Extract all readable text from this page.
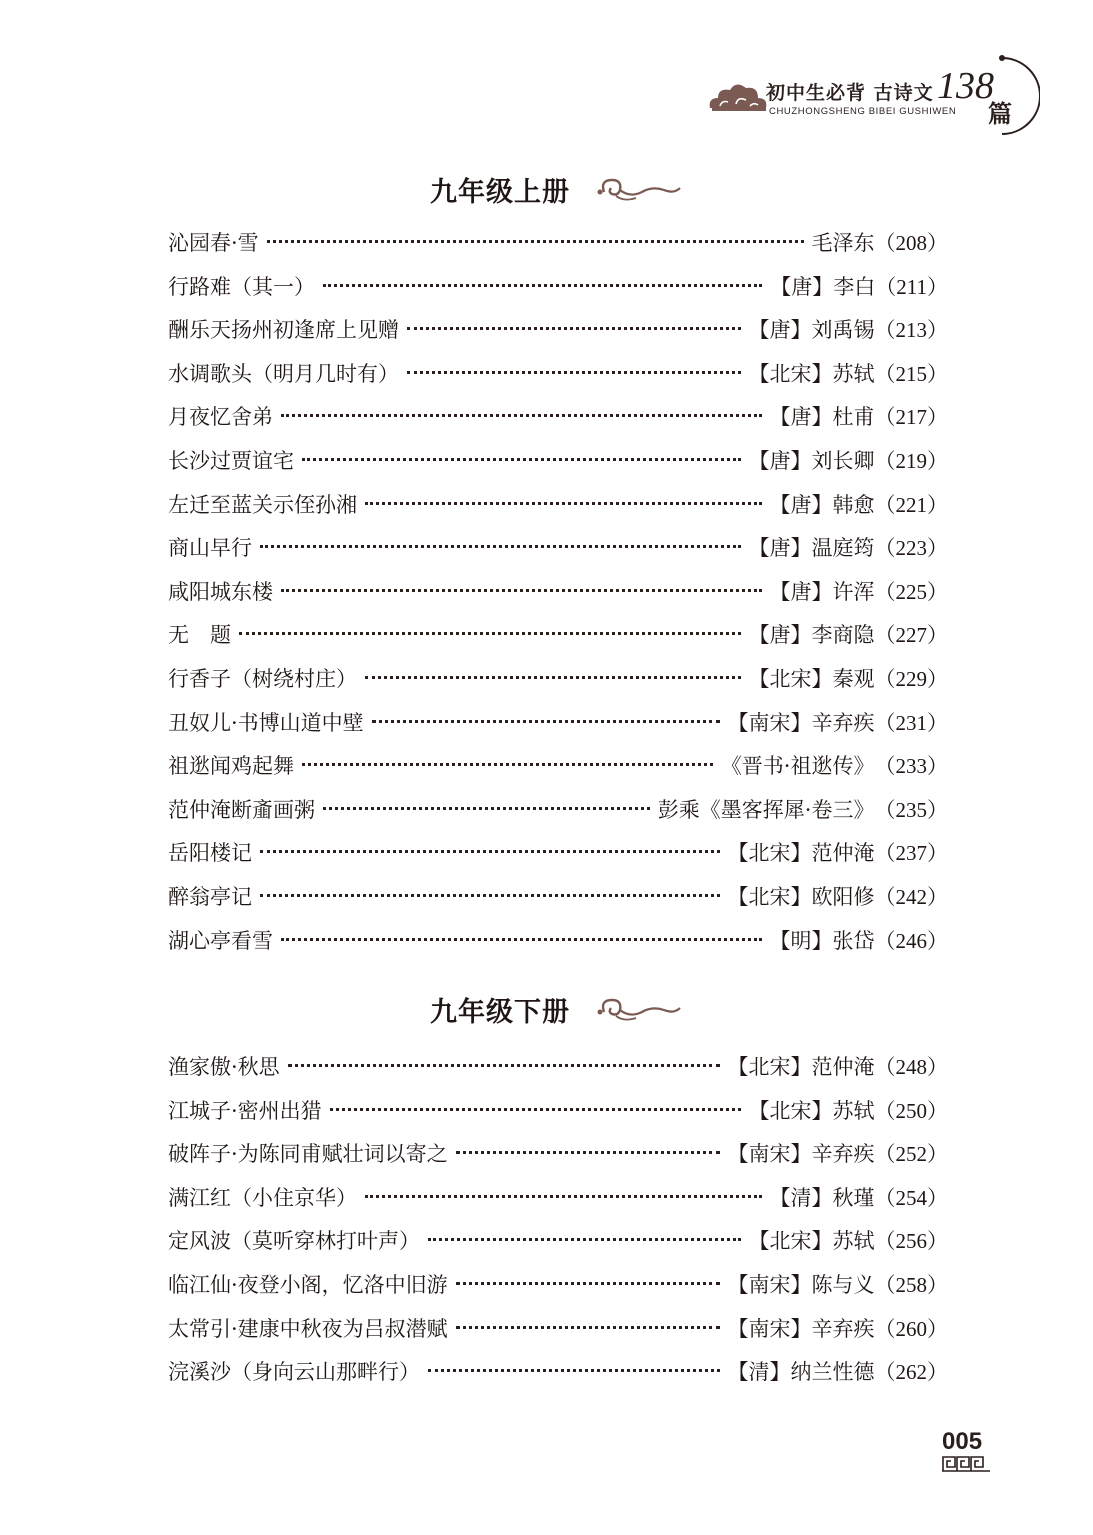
初中生必背 古诗文 138
篇
CHUZHONGSHENG BIBEI GUSHIWEN
九年级上册
沁园春·雪	毛泽东 （208）
行路难（其一）	【唐】李白 （211）
酬乐天扬州初逢席上见赠	【唐】刘禹锡 （213）
水调歌头（明月几时有）	【北宋】苏轼 （215）
月夜忆舍弟	【唐】杜甫 （217）
长沙过贾谊宅	【唐】刘长卿 （219）
左迁至蓝关示侄孙湘	【唐】韩愈 （221）
商山早行	【唐】温庭筠 （223）
咸阳城东楼	【唐】许浑 （225）
无　题	【唐】李商隐 （227）
行香子（树绕村庄）	【北宋】秦观 （229）
丑奴儿·书博山道中壁	【南宋】辛弃疾 （231）
祖逖闻鸡起舞	《晋书·祖逖传》 （233）
范仲淹断齑画粥	彭乘《墨客挥犀·卷三》 （235）
岳阳楼记	【北宋】范仲淹 （237）
醉翁亭记	【北宋】欧阳修 （242）
湖心亭看雪	【明】张岱 （246）
九年级下册
渔家傲·秋思	【北宋】范仲淹 （248）
江城子·密州出猎	【北宋】苏轼 （250）
破阵子·为陈同甫赋壮词以寄之	【南宋】辛弃疾 （252）
满江红（小住京华）	【清】秋瑾 （254）
定风波（莫听穿林打叶声）	【北宋】苏轼 （256）
临江仙·夜登小阁，忆洛中旧游	【南宋】陈与义 （258）
太常引·建康中秋夜为吕叔潜赋	【南宋】辛弃疾 （260）
浣溪沙（身向云山那畔行）	【清】纳兰性德 （262）
005
